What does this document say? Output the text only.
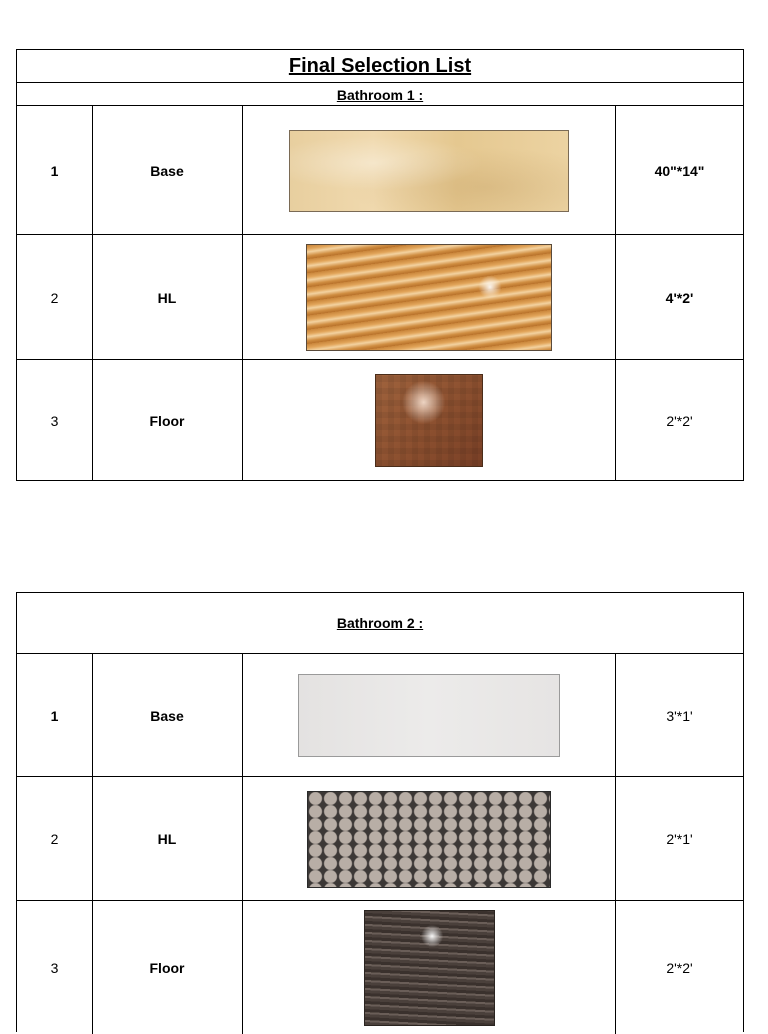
Final Selection List
Bathroom 1 :
1	Base	40"*14"
2	HL	4'*2'
3	Floor	2'*2'
Bathroom 2 :
1	Base	3'*1'
2	HL	2'*1'
3	Floor	2'*2'
